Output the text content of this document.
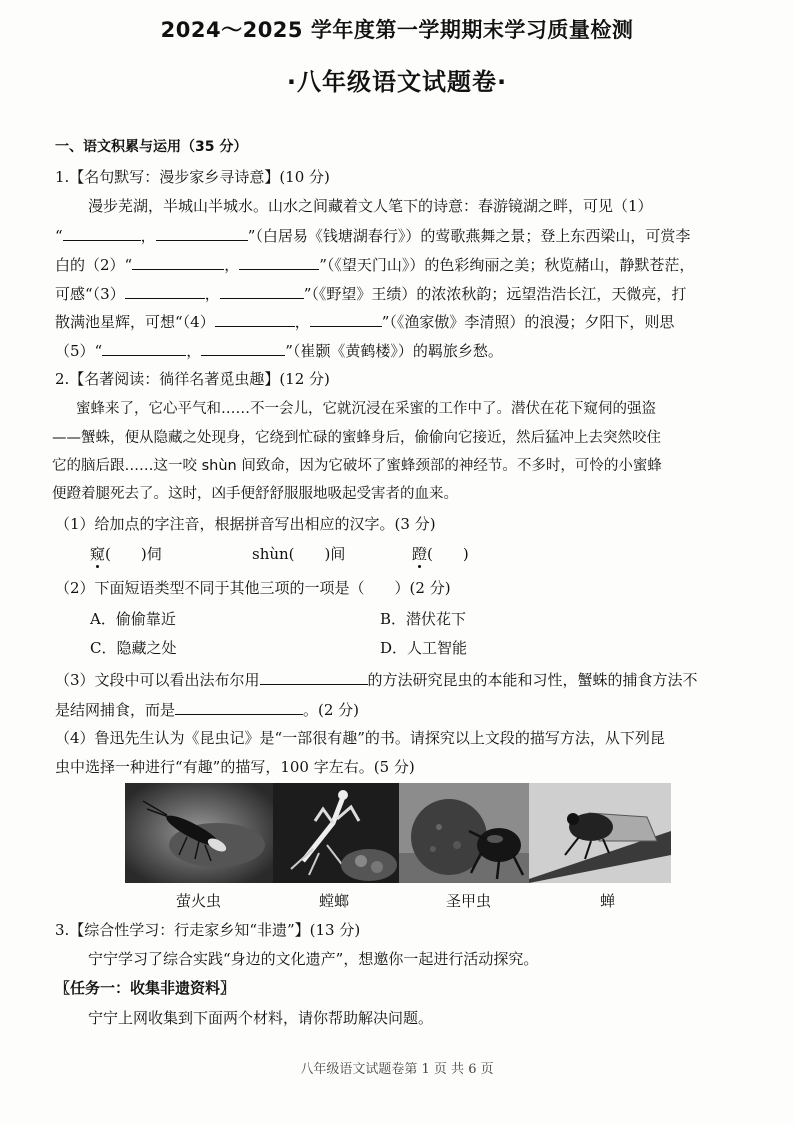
2024～2025 学年度第一学期期末学习质量检测
·八年级语文试题卷·
一、语文积累与运用（35 分）
1.【名句默写：漫步家乡寻诗意】(10 分)
漫步芜湖，半城山半城水。山水之间藏着文人笔下的诗意：春游镜湖之畔，可见（1）
“	，	”（白居易《钱塘湖春行》）的莺歌燕舞之景；登上东西梁山，可赏李
白的（2）“	，	”（《望天门山》）的色彩绚丽之美；秋览赭山，静默苍茫，
可感“（3）	，	”（《野望》王绩）的浓浓秋韵；远望浩浩长江，天微亮，打
散满池星辉，可想“（4）	，	”（《渔家傲》李清照）的浪漫；夕阳下，则思
（5）“	，	”（崔颢《黄鹤楼》）的羁旅乡愁。
2.【名著阅读：徜徉名著觅虫趣】(12 分)
蜜蜂来了，它心平气和……不一会儿，它就沉浸在采蜜的工作中了。潜伏在花下窥伺的强盗
——蟹蛛，便从隐藏之处现身，它绕到忙碌的蜜蜂身后，偷偷向它接近，然后猛冲上去突然咬住
它的脑后跟……这一咬 shùn 间致命，因为它破坏了蜜蜂颈部的神经节。不多时，可怜的小蜜蜂
便蹬着腿死去了。这时，凶手便舒舒服服地吸起受害者的血来。
（1）给加点的字注音，根据拼音写出相应的汉字。(3 分)
窥(　　)伺	shùn(　　)间	蹬(　　)
（2）下面短语类型不同于其他三项的一项是（　　）(2 分)
A．偷偷靠近	B．潜伏花下
C．隐藏之处	D．人工智能
（3）文段中可以看出法布尔用	的方法研究昆虫的本能和习性，蟹蛛的捕食方法不
是结网捕食，而是	。(2 分)
（4）鲁迅先生认为《昆虫记》是“一部很有趣”的书。请探究以上文段的描写方法，从下列昆
虫中选择一种进行“有趣”的描写，100 字左右。(5 分)
萤火虫	螳螂	圣甲虫	蝉
3.【综合性学习：行走家乡知“非遗”】(13 分)
宁宁学习了综合实践“身边的文化遗产”，想邀你一起进行活动探究。
〖任务一：收集非遗资料〗
宁宁上网收集到下面两个材料，请你帮助解决问题。
八年级语文试题卷第 1 页 共 6 页
